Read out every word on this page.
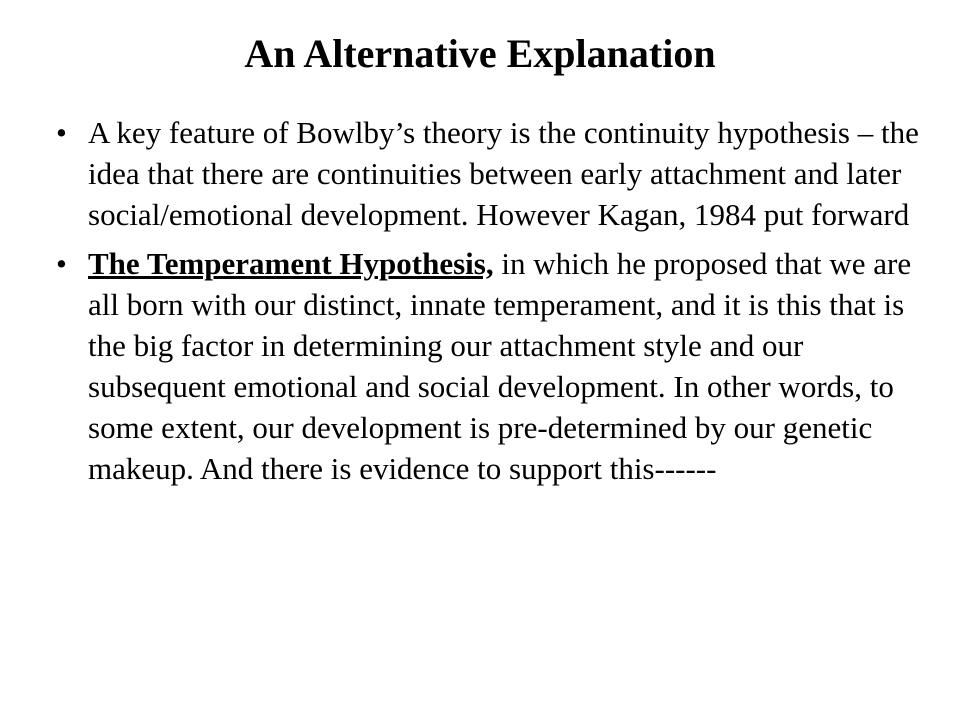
An Alternative Explanation
• A key feature of Bowlby’s theory is the continuity hypothesis – the idea that there are continuities between early attachment and later social/emotional development. However Kagan, 1984 put forward
• The Temperament Hypothesis, in which he proposed that we are all born with our distinct, innate temperament, and it is this that is the big factor in determining our attachment style and our subsequent emotional and social development. In other words, to some extent, our development is pre-determined by our genetic makeup. And there is evidence to support this------
